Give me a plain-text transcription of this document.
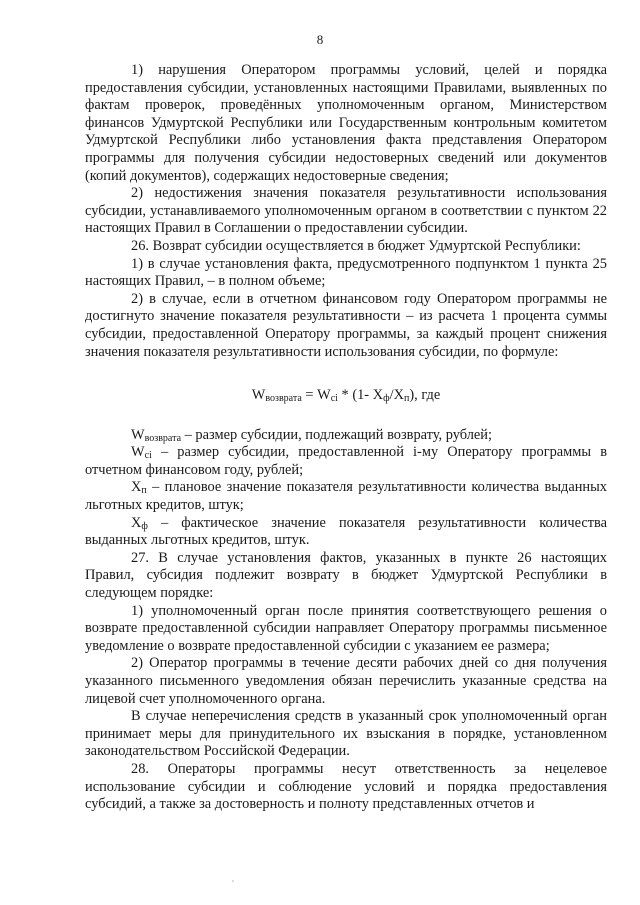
8

1) нарушения Оператором программы условий, целей и порядка предоставления субсидии, установленных настоящими Правилами, выявленных по фактам проверок, проведённых уполномоченным органом, Министерством финансов Удмуртской Республики или Государственным контрольным комитетом Удмуртской Республики либо установления факта представления Оператором программы для получения субсидии недостоверных сведений или документов (копий документов), содержащих недостоверные сведения;

2) недостижения значения показателя результативности использования субсидии, устанавливаемого уполномоченным органом в соответствии с пунктом 22 настоящих Правил в Соглашении о предоставлении субсидии.

26. Возврат субсидии осуществляется в бюджет Удмуртской Республики:

1) в случае установления факта, предусмотренного подпунктом 1 пункта 25 настоящих Правил, – в полном объеме;

2) в случае, если в отчетном финансовом году Оператором программы не достигнуто значение показателя результативности – из расчета 1 процента суммы субсидии, предоставленной Оператору программы, за каждый процент снижения значения показателя результативности использования субсидии, по формуле:

$W_{возврата} = W_{ci} * (1-$ $X_ф/X_п$), где

$W_{возврата}$ – размер субсидии, подлежащий возврату, рублей;

$W_{ci}$ – размер субсидии, предоставленной i-му Оператору программы в отчетном финансовом году, рублей;

$X_п$ – плановое значение показателя результативности количества выданных льготных кредитов, штук;

$X_ф$ – фактическое значение показателя результативности количества выданных льготных кредитов, штук.

27. В случае установления фактов, указанных в пункте 26 настоящих Правил, субсидия подлежит возврату в бюджет Удмуртской Республики в следующем порядке:

1) уполномоченный орган после принятия соответствующего решения о возврате предоставленной субсидии направляет Оператору программы письменное уведомление о возврате предоставленной субсидии с указанием ее размера;

2) Оператор программы в течение десяти рабочих дней со дня получения указанного письменного уведомления обязан перечислить указанные средства на лицевой счет уполномоченного органа.

В случае неперечисления средств в указанный срок уполномоченный орган принимает меры для принудительного их взыскания в порядке, установленном законодательством Российской Федерации.

28. Операторы программы несут ответственность за нецелевое использование субсидии и соблюдение условий и порядка предоставления субсидий, а также за достоверность и полноту представленных отчетов и
